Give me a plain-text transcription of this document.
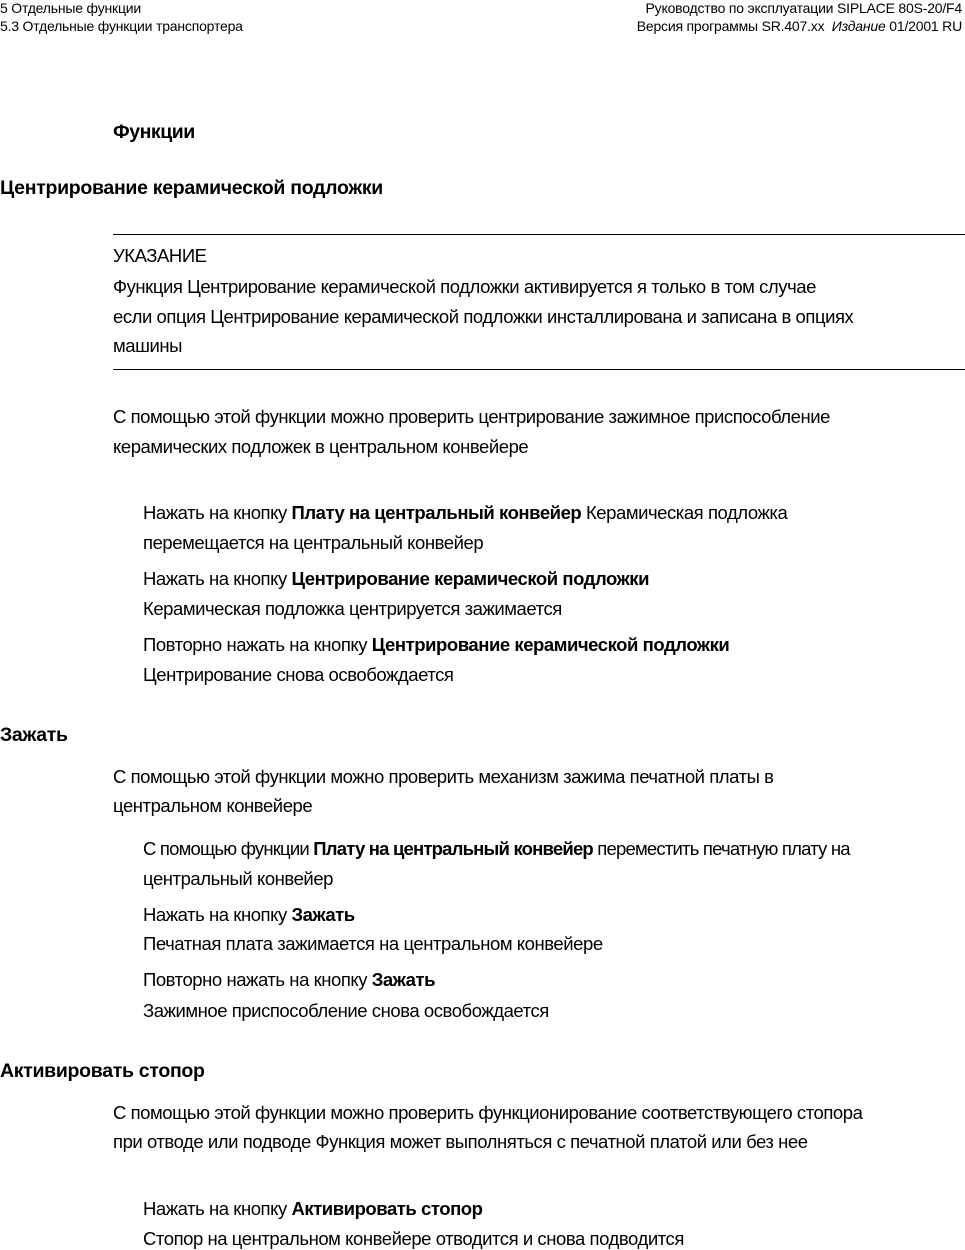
5 Отдельные функции
5.3 Отдельные функции транспортера
Руководство по эксплуатации SIPLACE 80S-20/F4
Версия программы SR.407.xx Издание 01/2001 RU
Функции
Центрирование керамической подложки
УКАЗАНИЕ
Функция Центрирование керамической подложки активируется я только в том случае
если опция Центрирование керамической подложки инсталлирована и записана в опциях
машины
С помощью этой функции можно проверить центрирование зажимное приспособление
керамических подложек в центральном конвейере
Нажать на кнопку Плату на центральный конвейер Керамическая подложка
перемещается на центральный конвейер
Нажать на кнопку Центрирование керамической подложки
Керамическая подложка центрируется зажимается
Повторно нажать на кнопку Центрирование керамической подложки
Центрирование снова освобождается
Зажать
С помощью этой функции можно проверить механизм зажима печатной платы в
центральном конвейере
С помощью функции Плату на центральный конвейер переместить печатную плату на
центральный конвейер
Нажать на кнопку Зажать
Печатная плата зажимается на центральном конвейере
Повторно нажать на кнопку Зажать
Зажимное приспособление снова освобождается
Активировать стопор
С помощью этой функции можно проверить функционирование соответствующего стопора
при отводе или подводе Функция может выполняться с печатной платой или без нее
Нажать на кнопку Активировать стопор
Стопор на центральном конвейере отводится и снова подводится
